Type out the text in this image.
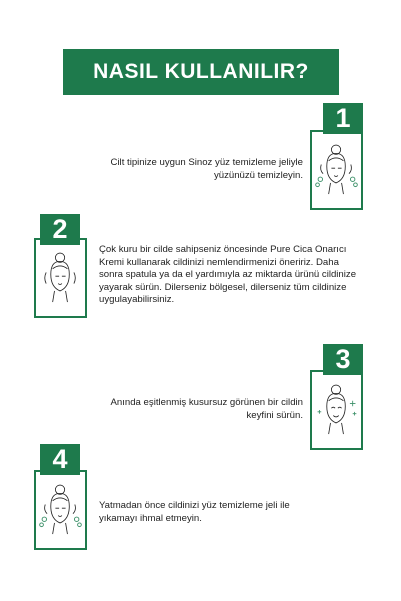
NASIL KULLANILIR?
1
Cilt tipinize uygun Sinoz yüz temizleme jeliyle yüzünüzü temizleyin.
2
Çok kuru bir cilde sahipseniz öncesinde Pure Cica Onarıcı Kremi kullanarak cildinizi nemlendirmenizi öneririz. Daha sonra spatula ya da el yardımıyla az miktarda ürünü cildinize yayarak sürün. Dilerseniz bölgesel, dilerseniz tüm cildinize uygulayabilirsiniz.
3
Anında eşitlenmiş kusursuz görünen bir cildin keyfini sürün.
4
Yatmadan önce cildinizi yüz temizleme jeli ile yıkamayı ihmal etmeyin.
